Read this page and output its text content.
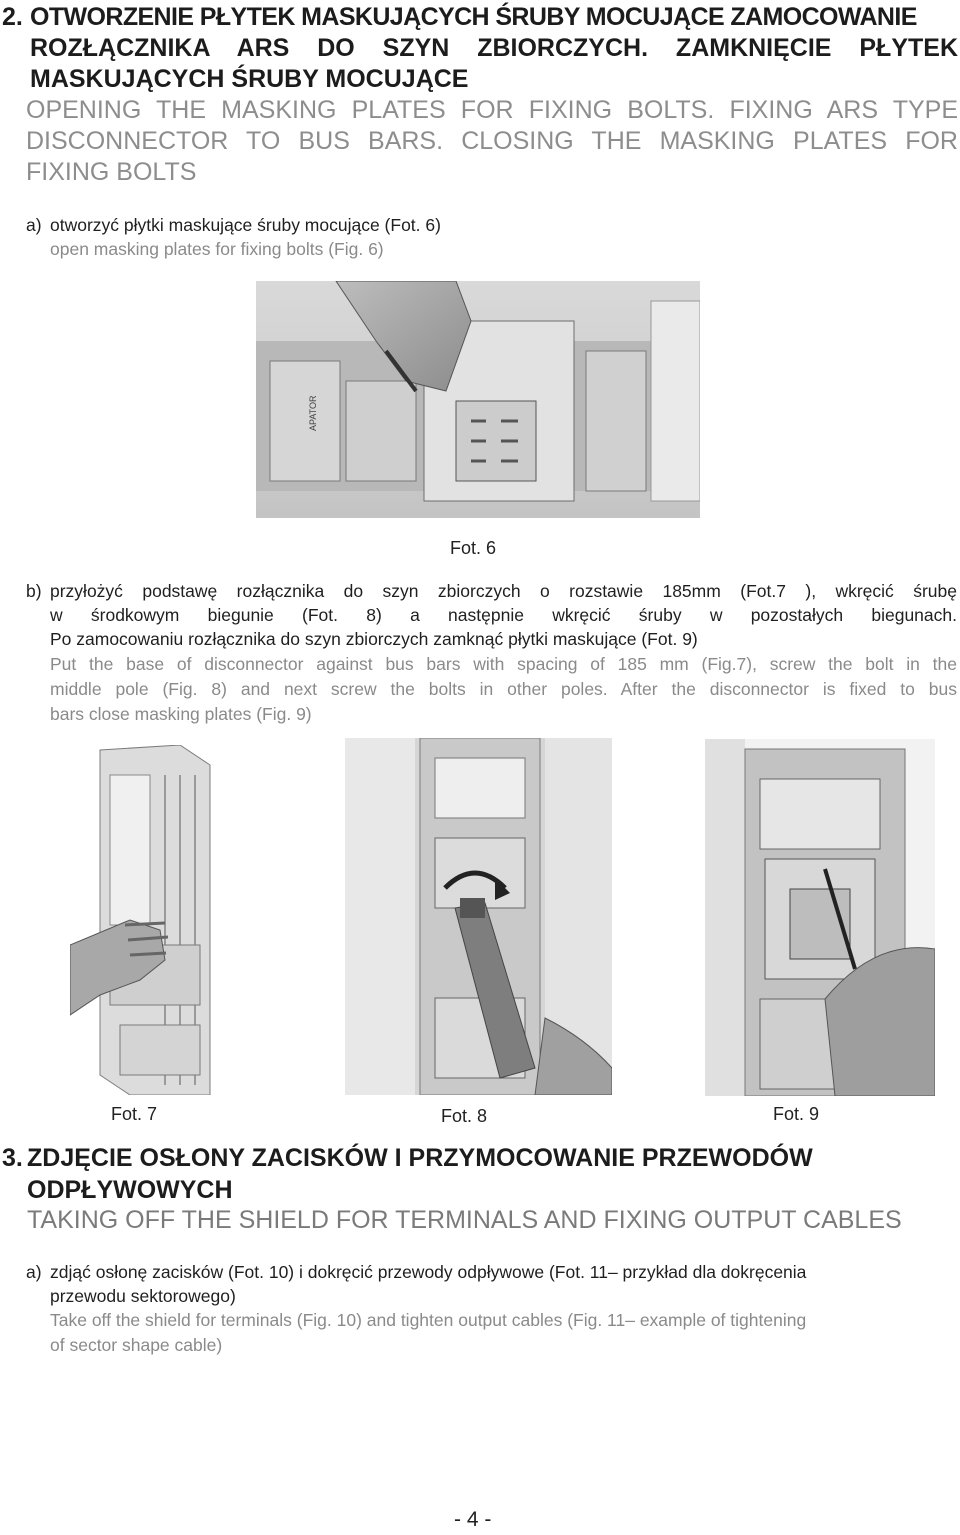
2. OTWORZENIE PŁYTEK MASKUJĄCYCH ŚRUBY MOCUJĄCE ZAMOCOWANIE
ROZŁĄCZNIKA ARS DO SZYN ZBIORCZYCH. ZAMKNIĘCIE PŁYTEK
MASKUJĄCYCH ŚRUBY MOCUJĄCE
OPENING THE MASKING PLATES FOR FIXING BOLTS. FIXING ARS TYPE
DISCONNECTOR TO BUS BARS. CLOSING THE MASKING PLATES FOR
FIXING BOLTS
a) otworzyć płytki maskujące śruby mocujące (Fot. 6)
open masking plates for fixing bolts (Fig. 6)
APATOR
Fot. 6
b) przyłożyć podstawę rozłącznika do szyn zbiorczych o rozstawie 185mm (Fot.7 ), wkręcić śrubę
w środkowym biegunie (Fot. 8) a następnie wkręcić śruby w pozostałych biegunach.
Po zamocowaniu rozłącznika do szyn zbiorczych zamknąć płytki maskujące (Fot. 9)
Put the base of disconnector against bus bars with spacing of 185 mm (Fig.7), screw the bolt in the
middle pole (Fig. 8) and next screw the bolts in other poles. After the disconnector is fixed to bus
bars close masking plates (Fig. 9)
Fot. 7	Fot. 8	Fot. 9
3. ZDJĘCIE OSŁONY ZACISKÓW I PRZYMOCOWANIE PRZEWODÓW
ODPŁYWOWYCH
TAKING OFF THE SHIELD FOR TERMINALS AND FIXING OUTPUT CABLES
a) zdjąć osłonę zacisków (Fot. 10) i dokręcić przewody odpływowe (Fot. 11– przykład dla dokręcenia
przewodu sektorowego)
Take off the shield for terminals (Fig. 10) and tighten output cables (Fig. 11– example of tightening
of sector shape cable)
- 4 -
